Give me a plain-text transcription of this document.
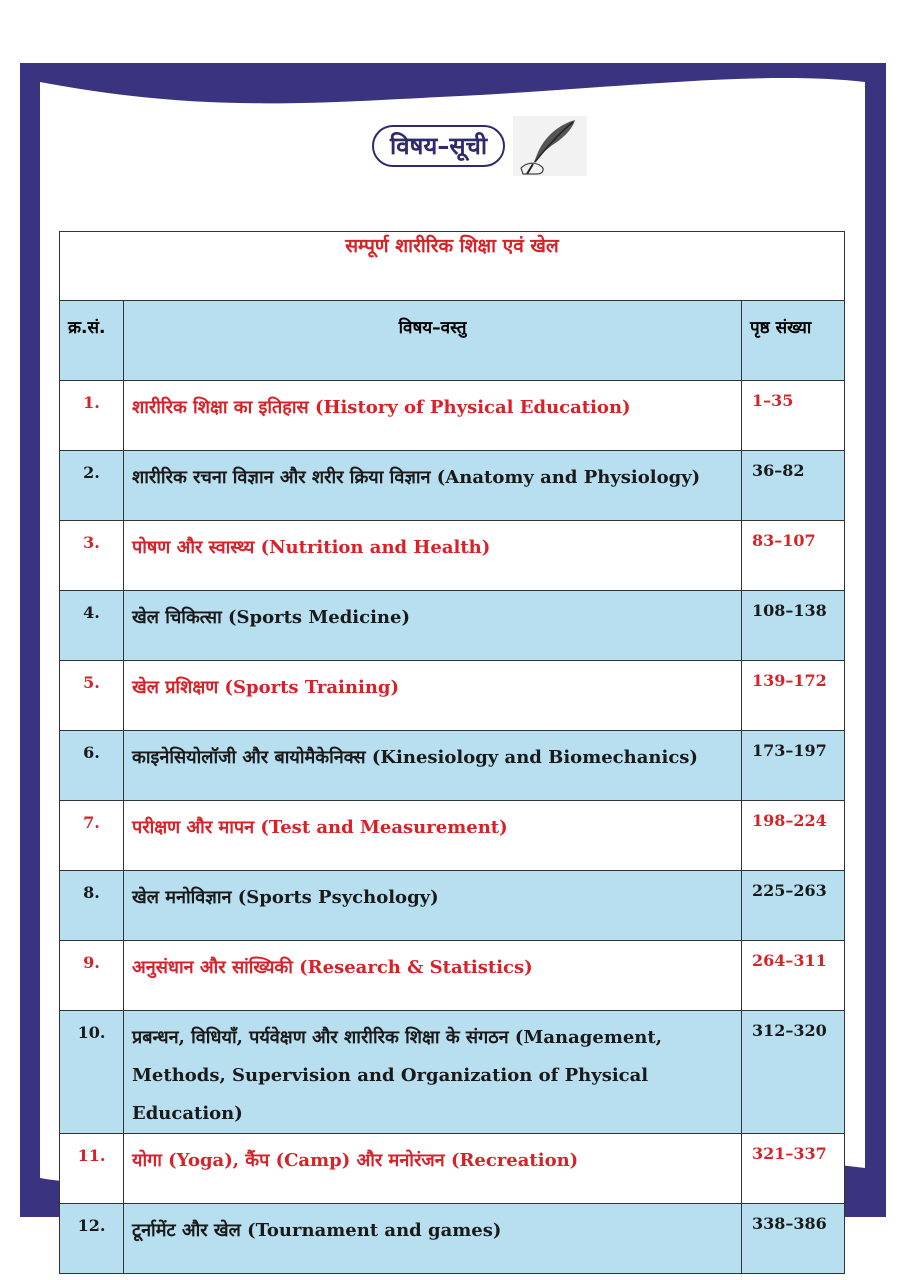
विषय–सूची
सम्पूर्ण शारीरिक शिक्षा एवं खेल		
क्र.सं.	विषय–वस्तु	पृष्ठ संख्या
1.	शारीरिक शिक्षा का इतिहास (History of Physical Education)	1–35
2.	शारीरिक रचना विज्ञान और शरीर क्रिया विज्ञान (Anatomy and Physiology)	36–82
3.	पोषण और स्वास्थ्य (Nutrition and Health)	83–107
4.	खेल चिकित्सा (Sports Medicine)	108–138
5.	खेल प्रशिक्षण (Sports Training)	139–172
6.	काइनेसियोलॉजी और बायोमैकेनिक्स (Kinesiology and Biomechanics)	173–197
7.	परीक्षण और मापन (Test and Measurement)	198–224
8.	खेल मनोविज्ञान (Sports Psychology)	225–263
9.	अनुसंधान और सांख्यिकी (Research & Statistics)	264–311
10.	प्रबन्धन, विधियाँ, पर्यवेक्षण और शारीरिक शिक्षा के संगठन (Management, Methods, Supervision and Organization of Physical Education)	312–320
11.	योगा (Yoga), कैंप (Camp) और मनोरंजन (Recreation)	321–337
12.	टूर्नामेंट और खेल (Tournament and games)	338–386
